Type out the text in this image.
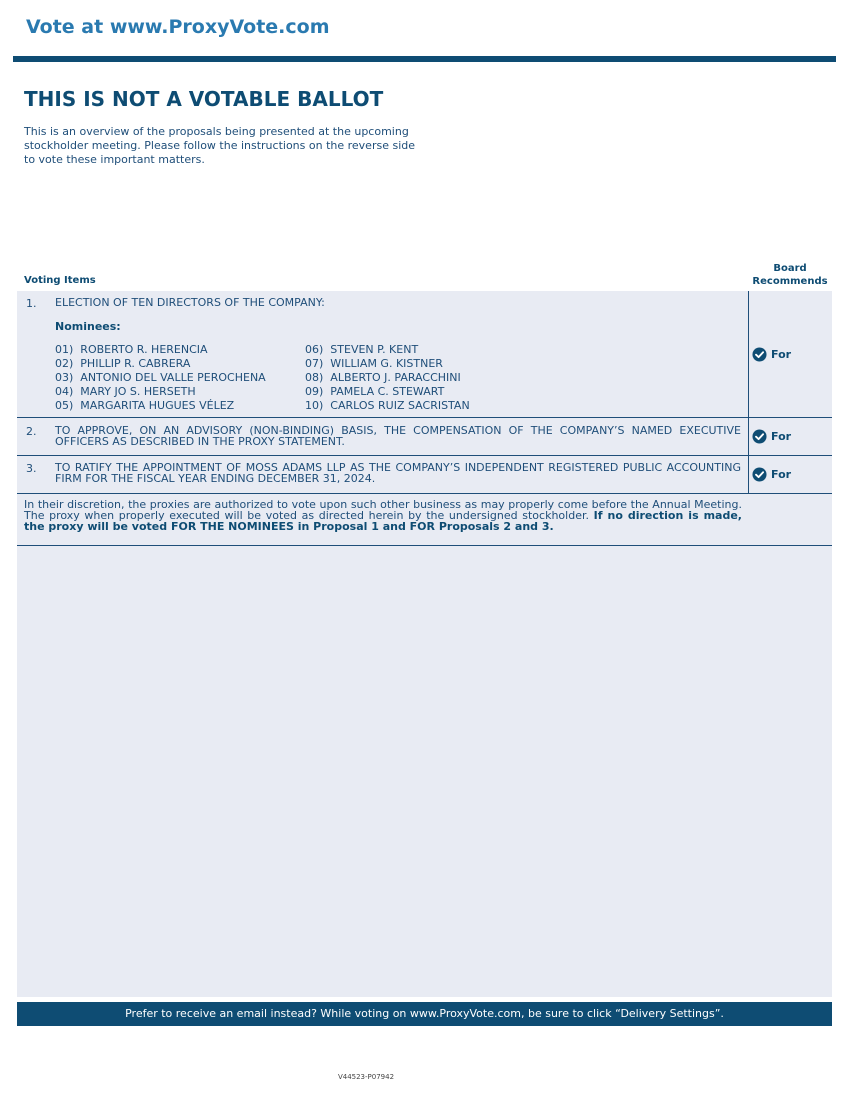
Vote at www.ProxyVote.com
THIS IS NOT A VOTABLE BALLOT

This is an overview of the proposals being presented at the upcoming stockholder meeting. Please follow the instructions on the reverse side to vote these important matters.

Voting Items
Board
Recommends
1. ELECTION OF TEN DIRECTORS OF THE COMPANY:
Nominees:
01) ROBERTO R. HERENCIA
02) PHILLIP R. CABRERA
03) ANTONIO DEL VALLE PEROCHENA
04) MARY JO S. HERSETH
05) MARGARITA HUGUES VÉLEZ
06) STEVEN P. KENT
07) WILLIAM G. KISTNER
08) ALBERTO J. PARACCHINI
09) PAMELA C. STEWART
10) CARLOS RUIZ SACRISTAN
For
2. TO APPROVE, ON AN ADVISORY (NON-BINDING) BASIS, THE COMPENSATION OF THE COMPANY’S NAMED EXECUTIVE OFFICERS AS DESCRIBED IN THE PROXY STATEMENT.	For
3. TO RATIFY THE APPOINTMENT OF MOSS ADAMS LLP AS THE COMPANY’S INDEPENDENT REGISTERED PUBLIC ACCOUNTING FIRM FOR THE FISCAL YEAR ENDING DECEMBER 31, 2024.	For

In their discretion, the proxies are authorized to vote upon such other business as may properly come before the Annual Meeting. The proxy when properly executed will be voted as directed herein by the undersigned stockholder. If no direction is made, the proxy will be voted FOR THE NOMINEES in Proposal 1 and FOR Proposals 2 and 3.

Prefer to receive an email instead? While voting on www.ProxyVote.com, be sure to click “Delivery Settings”.
V44523-P07942
